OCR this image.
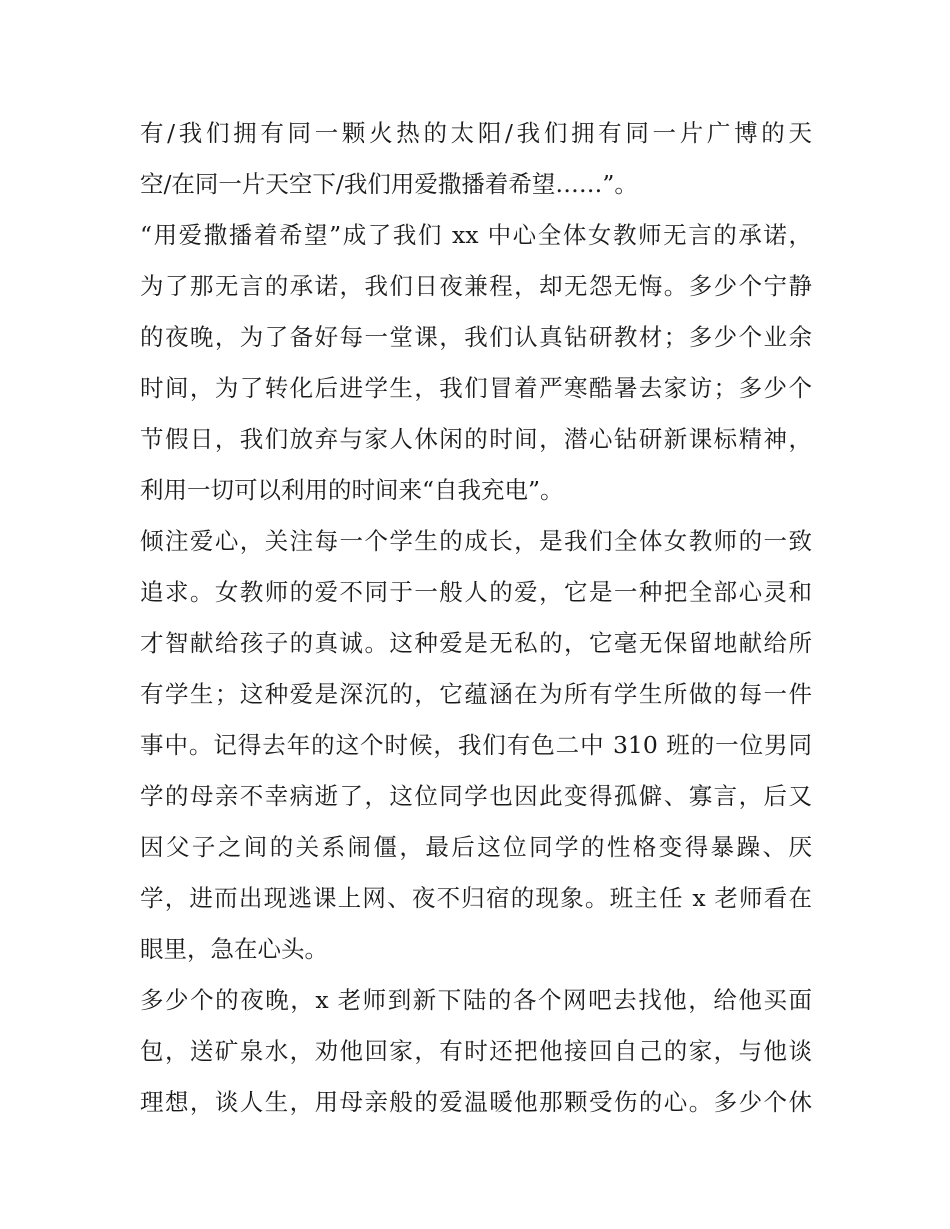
有/我们拥有同一颗火热的太阳/我们拥有同一片广博的天
空/在同一片天空下/我们用爱撒播着希望……”。
“用爱撒播着希望”成了我们 xx 中心全体女教师无言的承诺，
为了那无言的承诺，我们日夜兼程，却无怨无悔。多少个宁静
的夜晚，为了备好每一堂课，我们认真钻研教材；多少个业余
时间，为了转化后进学生，我们冒着严寒酷暑去家访；多少个
节假日，我们放弃与家人休闲的时间，潜心钻研新课标精神，
利用一切可以利用的时间来“自我充电”。
倾注爱心，关注每一个学生的成长，是我们全体女教师的一致
追求。女教师的爱不同于一般人的爱，它是一种把全部心灵和
才智献给孩子的真诚。这种爱是无私的，它毫无保留地献给所
有学生；这种爱是深沉的，它蕴涵在为所有学生所做的每一件
事中。记得去年的这个时候，我们有色二中 310 班的一位男同
学的母亲不幸病逝了，这位同学也因此变得孤僻、寡言，后又
因父子之间的关系闹僵，最后这位同学的性格变得暴躁、厌
学，进而出现逃课上网、夜不归宿的现象。班主任 x 老师看在
眼里，急在心头。
多少个的夜晚，x 老师到新下陆的各个网吧去找他，给他买面
包，送矿泉水，劝他回家，有时还把他接回自己的家，与他谈
理想，谈人生，用母亲般的爱温暖他那颗受伤的心。多少个休
